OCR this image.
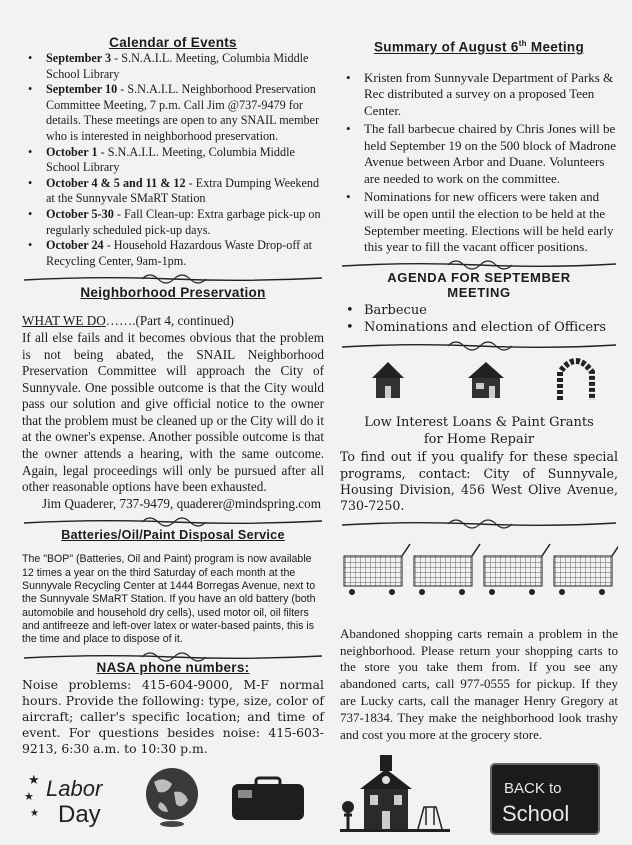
Calendar of Events
• September 3 - S.N.A.I.L. Meeting, Columbia Middle School Library
• September 10 - S.N.A.I.L. Neighborhood Preservation Committee Meeting, 7 p.m. Call Jim @737-9479 for details. These meetings are open to any SNAIL member who is interested in neighborhood preservation.
• October 1 - S.N.A.I.L. Meeting, Columbia Middle School Library
• October 4 & 5 and 11 & 12 - Extra Dumping Weekend at the Sunnyvale SMaRT Station
• October 5-30 - Fall Clean-up: Extra garbage pick-up on regularly scheduled pick-up days.
• October 24 - Household Hazardous Waste Drop-off at Recycling Center, 9am-1pm.
Neighborhood Preservation
WHAT WE DO…….(Part 4, continued)
If all else fails and it becomes obvious that the problem is not being abated, the SNAIL Neighborhood Preservation Committee will approach the City of Sunnyvale. One possible outcome is that the City would pass our solution and give official notice to the owner that the problem must be cleaned up or the City will do it at the owner's expense. Another possible outcome is that the owner attends a hearing, with the same outcome. Again, legal proceedings will only be pursued after all other reasonable options have been exhausted.
Jim Quaderer, 737-9479, quaderer@mindspring.com
Batteries/Oil/Paint Disposal Service
The "BOP" (Batteries, Oil and Paint) program is now available 12 times a year on the third Saturday of each month at the Sunnyvale Recycling Center at 1444 Borregas Avenue, next to the Sunnyvale SMaRT Station. If you have an old battery (both automobile and household dry cells), used motor oil, oil filters and antifreeze and left-over latex or water-based paints, this is the time and place to dispose of it.
NASA phone numbers:
Noise problems: 415-604-9000, M-F normal hours. Provide the following: type, size, color of aircraft; caller's specific location; and time of event. For questions besides noise: 415-603-9213, 6:30 a.m. to 10:30 p.m.
★
★
★
Labor
Day
Summary of August 6th Meeting
• Kristen from Sunnyvale Department of Parks & Rec distributed a survey on a proposed Teen Center.
• The fall barbecue chaired by Chris Jones will be held September 19 on the 500 block of Madrone Avenue between Arbor and Duane. Volunteers are needed to work on the committee.
• Nominations for new officers were taken and will be open until the election to be held at the September meeting. Elections will be held early this year to fill the vacant officer positions.
AGENDA FOR SEPTEMBER
MEETING
• Barbecue
• Nominations and election of Officers
Low Interest Loans & Paint Grants
for Home Repair
To find out if you qualify for these special programs, contact: City of Sunnyvale, Housing Division, 456 West Olive Avenue, 730-7250.
Abandoned shopping carts remain a problem in the neighborhood. Please return your shopping carts to the store you take them from. If you see any abandoned carts, call 977-0555 for pickup. If they are Lucky carts, call the manager Henry Gregory at 737-1834. They make the neighborhood look trashy and cost you more at the grocery store.
BACK to
School
